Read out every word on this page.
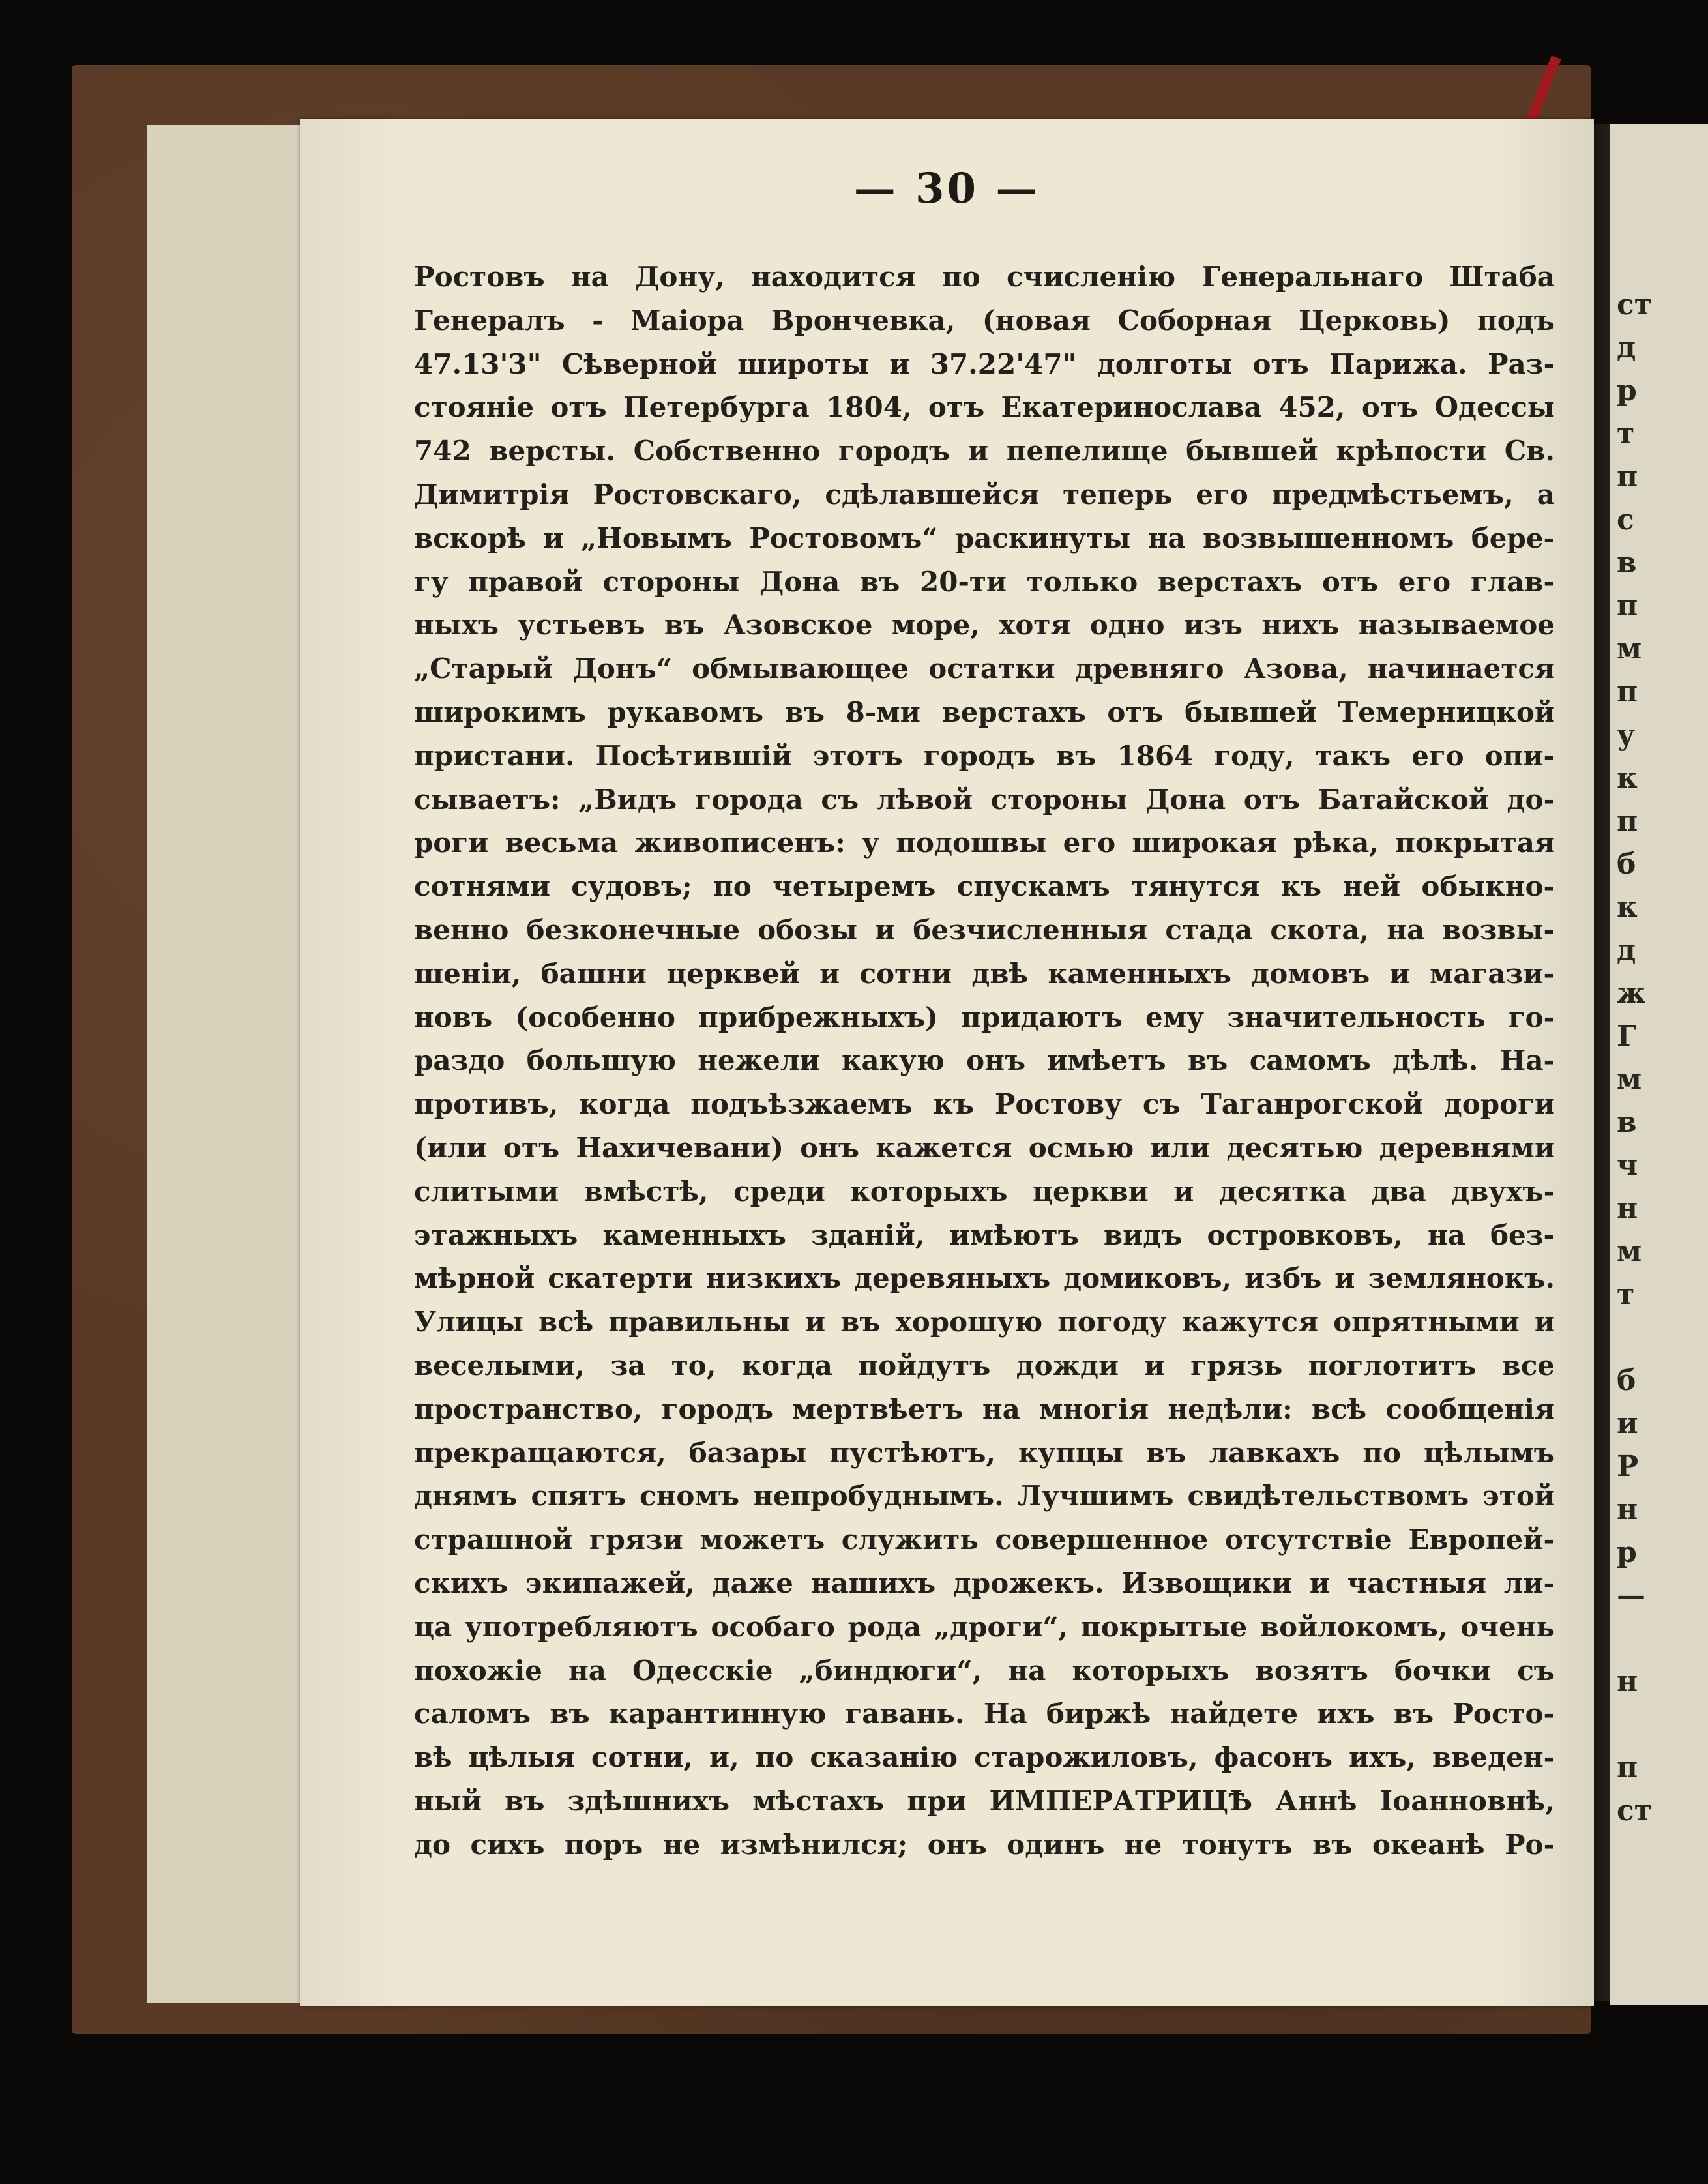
ст
д
р
т
п
с
в
п
м
п
у
к
п
б
к
д
ж
Г
м
в
ч
н
м
т

б
и
Р
н
р
—

н

п
ст
— 30 —
Ростовъ на Дону, находится по счисленію Генеральнаго Штаба
Генералъ - Маіора Врончевка, (новая Соборная Церковь) подъ
47.13'3" Сѣверной широты и 37.22'47" долготы отъ Парижа. Раз-
стояніе отъ Петербурга 1804, отъ Екатеринослава 452, отъ Одессы
742 версты. Собственно городъ и пепелище бывшей крѣпости Св.
Димитрія Ростовскаго, сдѣлавшейся теперь его предмѣстьемъ, а
вскорѣ и „Новымъ Ростовомъ“ раскинуты на возвышенномъ бере-
гу правой стороны Дона въ 20-ти только верстахъ отъ его глав-
ныхъ устьевъ въ Азовское море, хотя одно изъ нихъ называемое
„Старый Донъ“ обмывающее остатки древняго Азова, начинается
широкимъ рукавомъ въ 8-ми верстахъ отъ бывшей Темерницкой
пристани. Посѣтившій этотъ городъ въ 1864 году, такъ его опи-
сываетъ: „Видъ города съ лѣвой стороны Дона отъ Батайской до-
роги весьма живописенъ: у подошвы его широкая рѣка, покрытая
сотнями судовъ; по четыремъ спускамъ тянутся къ ней обыкно-
венно безконечные обозы и безчисленныя стада скота, на возвы-
шеніи, башни церквей и сотни двѣ каменныхъ домовъ и магази-
новъ (особенно прибрежныхъ) придаютъ ему значительность го-
раздо большую нежели какую онъ имѣетъ въ самомъ дѣлѣ. На-
противъ, когда подъѣзжаемъ къ Ростову съ Таганрогской дороги
(или отъ Нахичевани) онъ кажется осмью или десятью деревнями
слитыми вмѣстѣ, среди которыхъ церкви и десятка два двухъ-
этажныхъ каменныхъ зданій, имѣютъ видъ островковъ, на без-
мѣрной скатерти низкихъ деревяныхъ домиковъ, избъ и землянокъ.
Улицы всѣ правильны и въ хорошую погоду кажутся опрятными и
веселыми, за то, когда пойдутъ дожди и грязь поглотитъ все
пространство, городъ мертвѣетъ на многія недѣли: всѣ сообщенія
прекращаются, базары пустѣютъ, купцы въ лавкахъ по цѣлымъ
днямъ спятъ сномъ непробуднымъ. Лучшимъ свидѣтельствомъ этой
страшной грязи можетъ служить совершенное отсутствіе Европей-
скихъ экипажей, даже нашихъ дрожекъ. Извощики и частныя ли-
ца употребляютъ особаго рода „дроги“, покрытые войлокомъ, очень
похожіе на Одесскіе „биндюги“, на которыхъ возятъ бочки съ
саломъ въ карантинную гавань. На биржѣ найдете ихъ въ Росто-
вѣ цѣлыя сотни, и, по сказанію старожиловъ, фасонъ ихъ, введен-
ный въ здѣшнихъ мѣстахъ при ИМПЕРАТРИЦѢ Аннѣ Іоанновнѣ,
до сихъ поръ не измѣнился; онъ одинъ не тонутъ въ океанѣ Ро-
